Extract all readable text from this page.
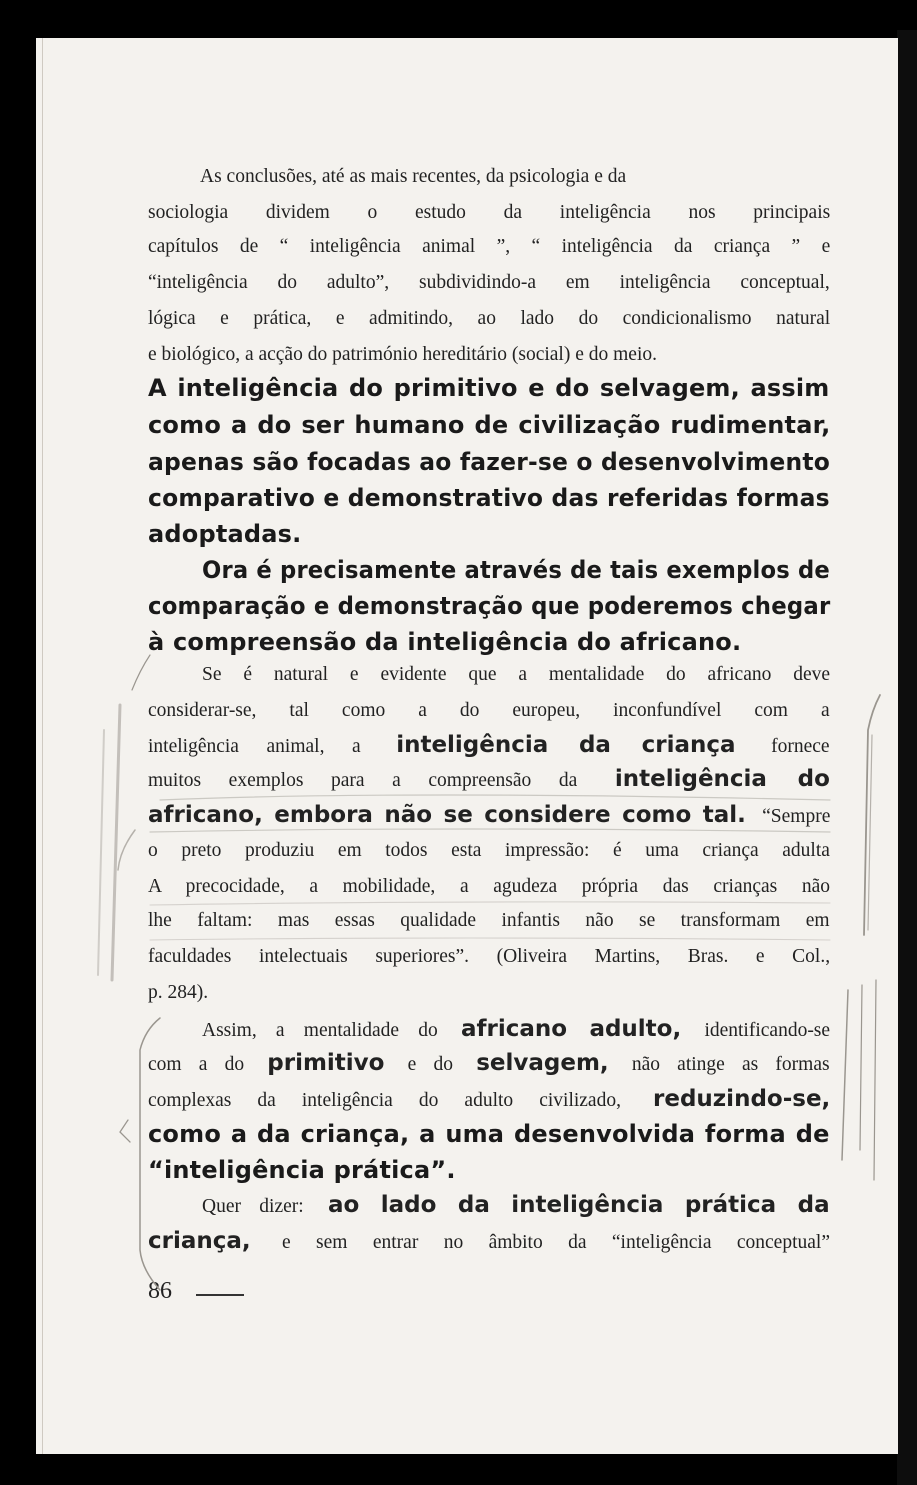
As conclusões, até as mais recentes, da psicologia e da
sociologia dividem o estudo da inteligência nos principais
capítulos de “ inteligência animal ”, “ inteligência da criança ” e
“inteligência do adulto”, subdividindo-a em inteligência conceptual,
lógica e prática, e admitindo, ao lado do condicionalismo natural
e biológico, a acção do património hereditário (social) e do meio.
A inteligência do primitivo e do selvagem, assim
como a do ser humano de civilização rudimentar,
apenas são focadas ao fazer-se o desenvolvimento
comparativo e demonstrativo das referidas formas
adoptadas.
Ora é precisamente através de tais exemplos de
comparação e demonstração que poderemos chegar
à compreensão da inteligência do africano.
Se é natural e evidente que a mentalidade do africano deve
considerar-se, tal como a do europeu, inconfundível com a
inteligência animal, a inteligência da criança fornece
muitos exemplos para a compreensão da inteligência do
africano, embora não se considere como tal. “Sempre
o preto produziu em todos esta impressão: é uma criança adulta
A precocidade, a mobilidade, a agudeza própria das crianças não
lhe faltam: mas essas qualidade infantis não se transformam em
faculdades intelectuais superiores”. (Oliveira Martins, Bras. e Col.,
p. 284).
Assim, a mentalidade do africano adulto, identificando-se
com a do primitivo e do selvagem, não atinge as formas
complexas da inteligência do adulto civilizado, reduzindo-se,
como a da criança, a uma desenvolvida forma de
“inteligência prática”.
Quer dizer: ao lado da inteligência prática da
criança, e sem entrar no âmbito da “inteligência conceptual”
86
